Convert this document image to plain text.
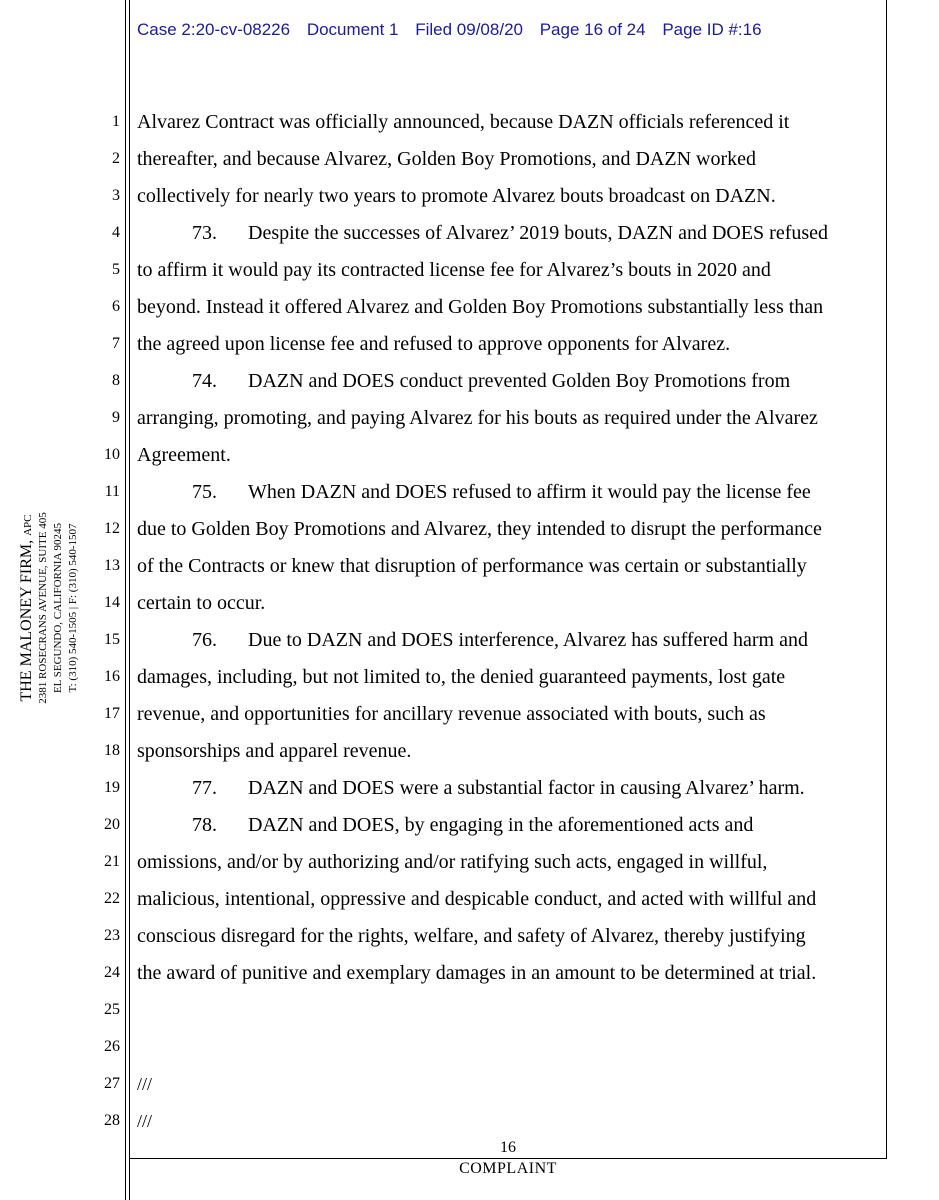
Case 2:20-cv-08226 Document 1 Filed 09/08/20 Page 16 of 24 Page ID #:16
1
2
3
4
5
6
7
8
9
10
11
12
13
14
15
16
17
18
19
20
21
22
23
24
25
26
27
28
Alvarez Contract was officially announced, because DAZN officials referenced it
thereafter, and because Alvarez, Golden Boy Promotions, and DAZN worked
collectively for nearly two years to promote Alvarez bouts broadcast on DAZN.
73. Despite the successes of Alvarez’ 2019 bouts, DAZN and DOES refused
to affirm it would pay its contracted license fee for Alvarez’s bouts in 2020 and
beyond. Instead it offered Alvarez and Golden Boy Promotions substantially less than
the agreed upon license fee and refused to approve opponents for Alvarez.
74. DAZN and DOES conduct prevented Golden Boy Promotions from
arranging, promoting, and paying Alvarez for his bouts as required under the Alvarez
Agreement.
75. When DAZN and DOES refused to affirm it would pay the license fee
due to Golden Boy Promotions and Alvarez, they intended to disrupt the performance
of the Contracts or knew that disruption of performance was certain or substantially
certain to occur.
76. Due to DAZN and DOES interference, Alvarez has suffered harm and
damages, including, but not limited to, the denied guaranteed payments, lost gate
revenue, and opportunities for ancillary revenue associated with bouts, such as
sponsorships and apparel revenue.
77. DAZN and DOES were a substantial factor in causing Alvarez’ harm.
78. DAZN and DOES, by engaging in the aforementioned acts and
omissions, and/or by authorizing and/or ratifying such acts, engaged in willful,
malicious, intentional, oppressive and despicable conduct, and acted with willful and
conscious disregard for the rights, welfare, and safety of Alvarez, thereby justifying
the award of punitive and exemplary damages in an amount to be determined at trial.
///
///
THE MALONEY FIRM, APC 2381 ROSECRANS AVENUE, SUITE 405 EL SEGUNDO, CALIFORNIA 90245 T: (310) 540-1505 | F: (310) 540-1507
16
COMPLAINT
